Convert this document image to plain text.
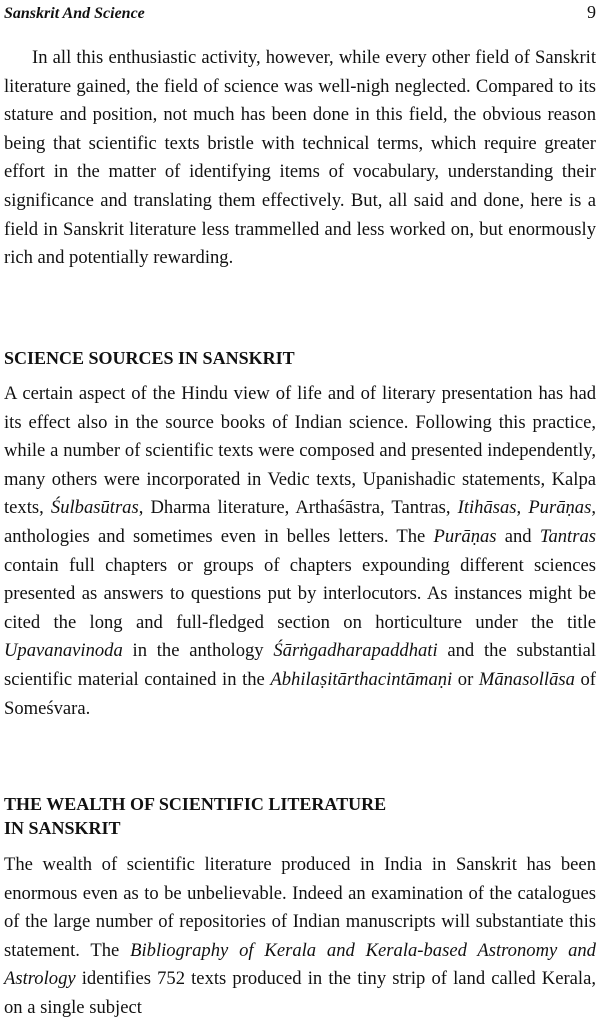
Sanskrit And Science	9

In all this enthusiastic activity, however, while every other field of Sanskrit literature gained, the field of science was well-nigh neglected. Compared to its stature and position, not much has been done in this field, the obvious reason being that scientific texts bristle with technical terms, which require greater effort in the matter of identifying items of vocabulary, understanding their significance and translating them effectively. But, all said and done, here is a field in Sanskrit literature less trammelled and less worked on, but enormously rich and potentially rewarding.

SCIENCE SOURCES IN SANSKRIT

A certain aspect of the Hindu view of life and of literary presentation has had its effect also in the source books of Indian science. Following this practice, while a number of scientific texts were composed and presented independently, many others were incorporated in Vedic texts, Upanishadic statements, Kalpa texts, Śulbasūtras, Dharma literature, Arthaśāstra, Tantras, Itihāsas, Purāṇas, anthologies and sometimes even in belles letters. The Purāṇas and Tantras contain full chapters or groups of chapters expounding different sciences presented as answers to questions put by interlocutors. As instances might be cited the long and full-fledged section on horticulture under the title Upavanavinoda in the anthology Śārṅgadharapaddhati and the substantial scientific material contained in the Abhilaṣitārthacintāmaṇi or Mānasollāsa of Someśvara.

THE WEALTH OF SCIENTIFIC LITERATURE
IN SANSKRIT

The wealth of scientific literature produced in India in Sanskrit has been enormous even as to be unbelievable. Indeed an examination of the catalogues of the large number of repositories of Indian manuscripts will substantiate this statement. The Bibliography of Kerala and Kerala-based Astronomy and Astrology identifies 752 texts produced in the tiny strip of land called Kerala, on a single subject
